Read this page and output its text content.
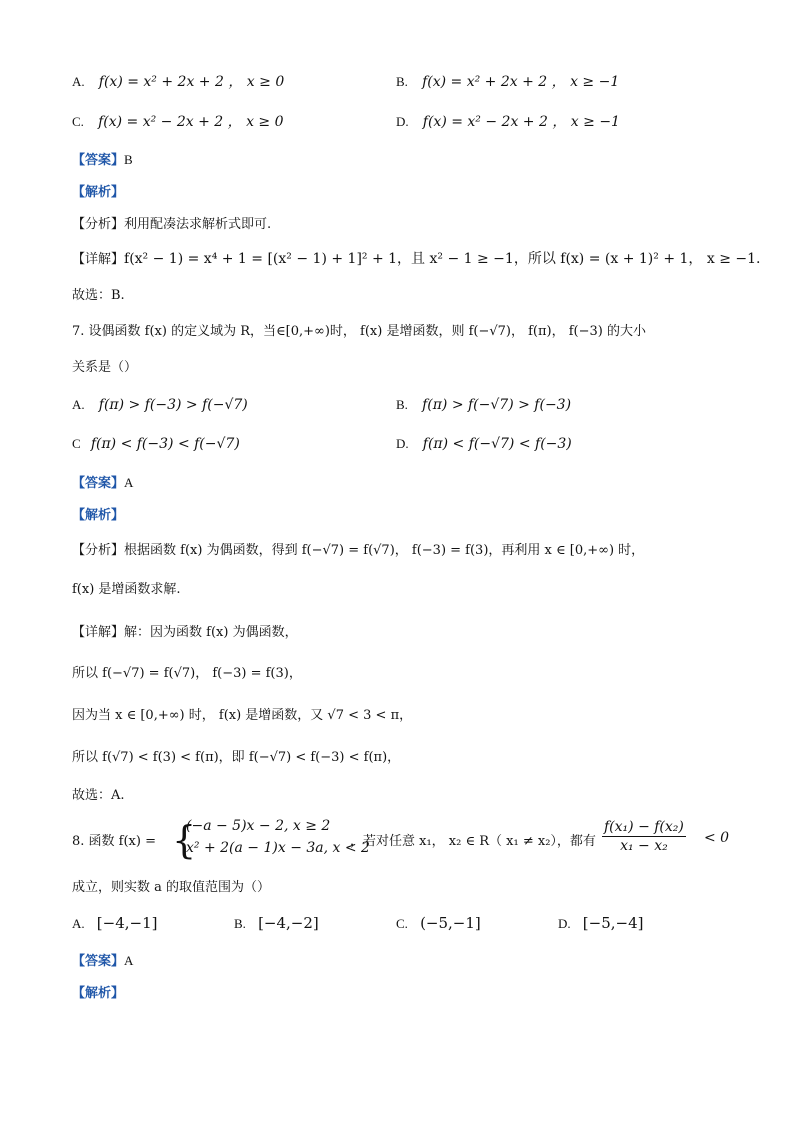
A. f(x) = x² + 2x + 2 ， x ≥ 0	B. f(x) = x² + 2x + 2 ， x ≥ −1
C. f(x) = x² − 2x + 2 ， x ≥ 0	D. f(x) = x² − 2x + 2 ， x ≥ −1
【答案】B
【解析】
【分析】利用配凑法求解析式即可.
【详解】f(x² − 1) = x⁴ + 1 = [(x² − 1) + 1]² + 1，且 x² − 1 ≥ −1，所以 f(x) = (x + 1)² + 1， x ≥ −1.
故选：B.
7. 设偶函数 f(x) 的定义域为 R，当∈[0,+∞)时， f(x) 是增函数，则 f(−√7)， f(π)， f(−3) 的大小
关系是（）
A. f(π) > f(−3) > f(−√7)	B. f(π) > f(−√7) > f(−3)
C f(π) < f(−3) < f(−√7)	D. f(π) < f(−√7) < f(−3)
【答案】A
【解析】
【分析】根据函数 f(x) 为偶函数，得到 f(−√7) = f(√7)， f(−3) = f(3)，再利用 x ∈ [0,+∞) 时，
f(x) 是增函数求解.
【详解】解：因为函数 f(x) 为偶函数，
所以 f(−√7) = f(√7)， f(−3) = f(3)，
因为当 x ∈ [0,+∞) 时， f(x) 是增函数，又 √7 < 3 < π，
所以 f(√7) < f(3) < f(π)，即 f(−√7) < f(−3) < f(π)，
故选：A.
8. 函数 f(x) = {
(−a − 5)x − 2, x ≥ 2
x² + 2(a − 1)x − 3a, x < 2
，若对任意 x₁， x₂ ∈ R（ x₁ ≠ x₂），都有 $\frac{\text{f(x₁) − f(x₂)}}{\text{x₁ − x₂}} < 0$
成立，则实数 a 的取值范围为（）
A. [−4,−1]	B. [−4,−2]	C. (−5,−1]	D. [−5,−4]
【答案】A
【解析】
